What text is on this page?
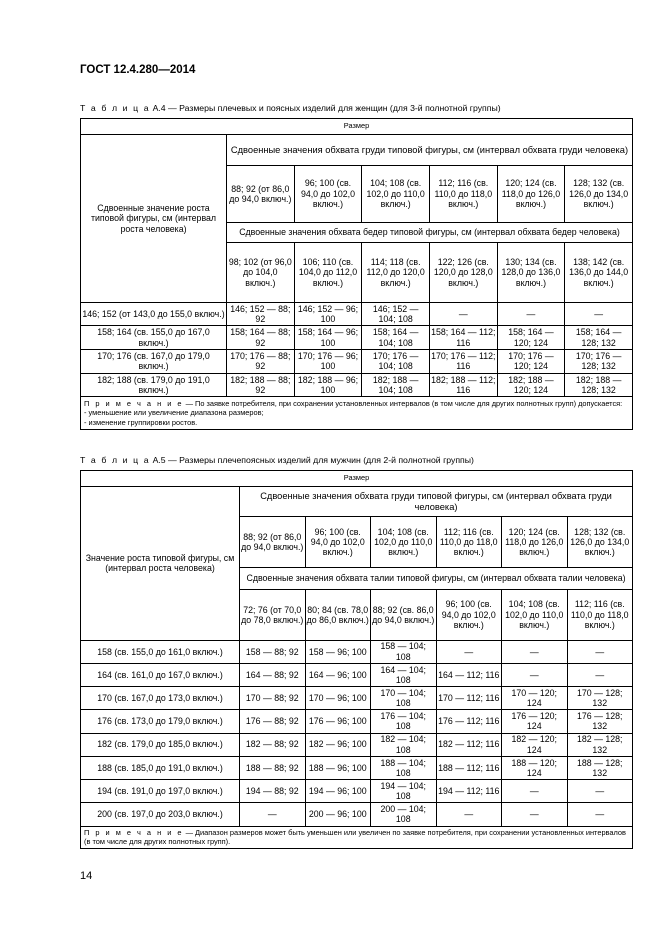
ГОСТ 12.4.280—2014
Т а б л и ц а А.4 — Размеры плечевых и поясных изделий для женщин (для 3-й полнотной группы)
Размер						
Сдвоенные значение роста типовой фигуры, см (интервал роста человека)	Сдвоенные значения обхвата груди типовой фигуры, см (интервал обхвата груди человека)					
	88; 92 (от 86,0 до 94,0 включ.)	96; 100 (св. 94,0 до 102,0 включ.)	104; 108 (св. 102,0 до 110,0 включ.)	112; 116 (св. 110,0 до 118,0 включ.)	120; 124 (св. 118,0 до 126,0 включ.)	128; 132 (св. 126,0 до 134,0 включ.)
	Сдвоенные значения обхвата бедер типовой фигуры, см (интервал обхвата бедер человека)					
	98; 102 (от 96,0 до 104,0 включ.)	106; 110 (св. 104,0 до 112,0 включ.)	114; 118 (св. 112,0 до 120,0 включ.)	122; 126 (св. 120,0 до 128,0 включ.)	130; 134 (св. 128,0 до 136,0 включ.)	138; 142 (св. 136,0 до 144,0 включ.)
146; 152 (от 143,0 до 155,0 включ.)	146; 152 — 88; 92	146; 152 — 96; 100	146; 152 — 104; 108	—	—	—
158; 164 (св. 155,0 до 167,0 включ.)	158; 164 — 88; 92	158; 164 — 96; 100	158; 164 — 104; 108	158; 164 — 112; 116	158; 164 — 120; 124	158; 164 — 128; 132
170; 176 (св. 167,0 до 179,0 включ.)	170; 176 — 88; 92	170; 176 — 96; 100	170; 176 — 104; 108	170; 176 — 112; 116	170; 176 — 120; 124	170; 176 — 128; 132
182; 188 (св. 179,0 до 191,0 включ.)	182; 188 — 88; 92	182; 188 — 96; 100	182; 188 — 104; 108	182; 188 — 112; 116	182; 188 — 120; 124	182; 188 — 128; 132
П р и м е ч а н и е — По заявке потребителя, при сохранении установленных интервалов (в том числе для других полнотных групп) допускается:
- уменьшение или увеличение диапазона размеров;
- изменение группировки ростов.						
Т а б л и ц а А.5 — Размеры плечепоясных изделий для мужчин (для 2-й полнотной группы)
Размер						
Значение роста типовой фигуры, см (интервал роста человека)	Сдвоенные значения обхвата груди типовой фигуры, см (интервал обхвата груди человека)					
	88; 92 (от 86,0 до 94,0 включ.)	96; 100 (св. 94,0 до 102,0 включ.)	104; 108 (св. 102,0 до 110,0 включ.)	112; 116 (св. 110,0 до 118,0 включ.)	120; 124 (св. 118,0 до 126,0 включ.)	128; 132 (св. 126,0 до 134,0 включ.)
	Сдвоенные значения обхвата талии типовой фигуры, см (интервал обхвата талии человека)					
	72; 76 (от 70,0 до 78,0 включ.)	80; 84 (св. 78,0 до 86,0 включ.)	88; 92 (св. 86,0 до 94,0 включ.)	96; 100 (св. 94,0 до 102,0 включ.)	104; 108 (св. 102,0 до 110,0 включ.)	112; 116 (св. 110,0 до 118,0 включ.)
158 (св. 155,0 до 161,0 включ.)	158 — 88; 92	158 — 96; 100	158 — 104; 108	—	—	—
164 (св. 161,0 до 167,0 включ.)	164 — 88; 92	164 — 96; 100	164 — 104; 108	164 — 112; 116	—	—
170 (св. 167,0 до 173,0 включ.)	170 — 88; 92	170 — 96; 100	170 — 104; 108	170 — 112; 116	170 — 120; 124	170 — 128; 132
176 (св. 173,0 до 179,0 включ.)	176 — 88; 92	176 — 96; 100	176 — 104; 108	176 — 112; 116	176 — 120; 124	176 — 128; 132
182 (св. 179,0 до 185,0 включ.)	182 — 88; 92	182 — 96; 100	182 — 104; 108	182 — 112; 116	182 — 120; 124	182 — 128; 132
188 (св. 185,0 до 191,0 включ.)	188 — 88; 92	188 — 96; 100	188 — 104; 108	188 — 112; 116	188 — 120; 124	188 — 128; 132
194 (св. 191,0 до 197,0 включ.)	194 — 88; 92	194 — 96; 100	194 — 104; 108	194 — 112; 116	—	—
200 (св. 197,0 до 203,0 включ.)	—	200 — 96; 100	200 — 104; 108	—	—	—
П р и м е ч а н и е — Диапазон размеров может быть уменьшен или увеличен по заявке потребителя, при сохранении установленных интервалов (в том числе для других полнотных групп).						
14
